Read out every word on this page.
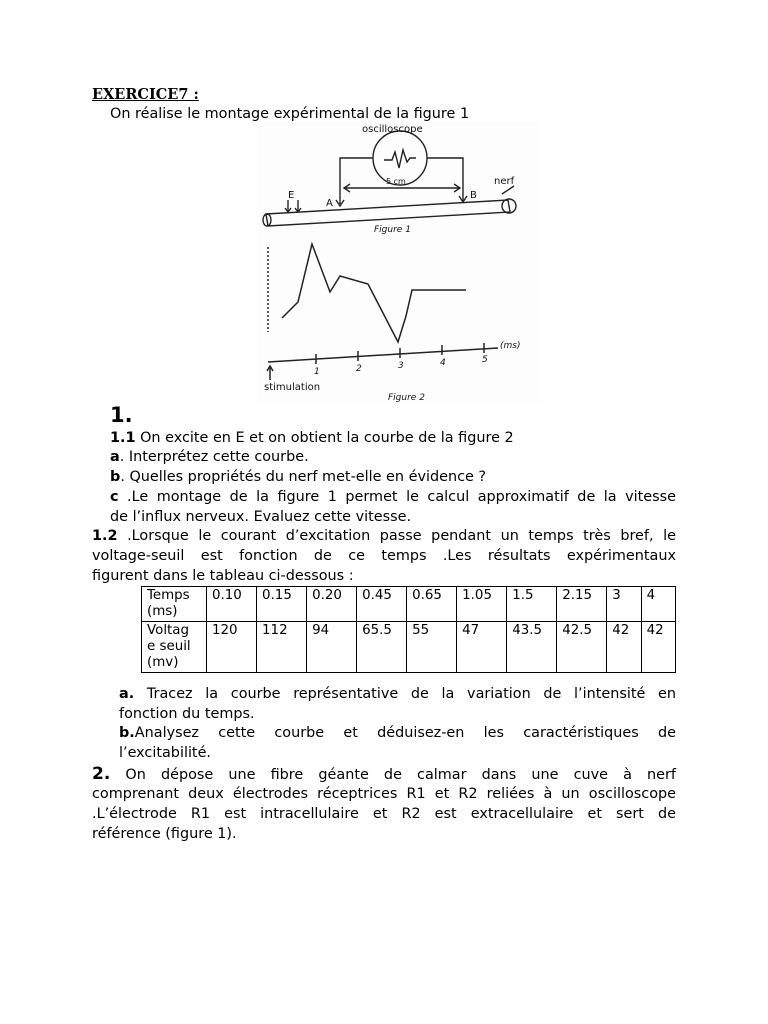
EXERCICE7 :
On réalise le montage expérimental de la figure 1
oscilloscope
5 cm
E
A
B
nerf
Figure 1
1	2	3	4	5
(ms)
stimulation
Figure 2
1.
1.1 On excite en E et on obtient la courbe de la figure 2
a. Interprétez cette courbe.
b. Quelles propriétés du nerf met-elle en évidence ?
c .Le montage de la figure 1 permet le calcul approximatif de la vitesse
de l’influx nerveux. Evaluez cette vitesse.
1.2 .Lorsque le courant d’excitation passe pendant un temps très bref, le
voltage-seuil est fonction de ce temps .Les résultats expérimentaux
figurent dans le tableau ci-dessous :
Temps
(ms)	0.10	0.15	0.20	0.45	0.65	1.05	1.5	2.15	3	4
Voltag
e seuil
(mv)	120	112	94	65.5	55	47	43.5	42.5	42	42
a. Tracez la courbe représentative de la variation de l’intensité en
fonction du temps.
b.Analysez cette courbe et déduisez-en les caractéristiques de
l’excitabilité.
2. On dépose une fibre géante de calmar dans une cuve à nerf
comprenant deux électrodes réceptrices R1 et R2 reliées à un oscilloscope
.L’électrode R1 est intracellulaire et R2 est extracellulaire et sert de
référence (figure 1).
